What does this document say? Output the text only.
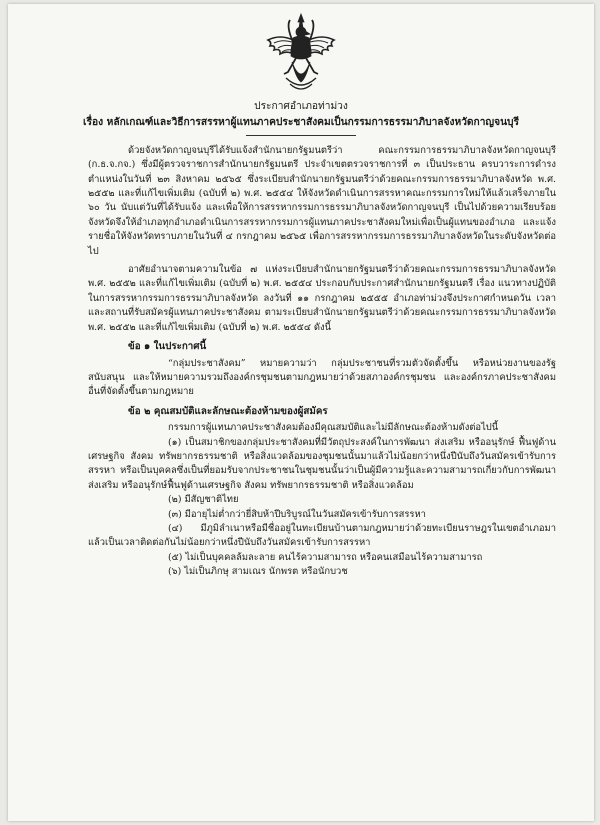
ประกาศอำเภอท่าม่วง
เรื่อง หลักเกณฑ์และวิธีการสรรหาผู้แทนภาคประชาสังคมเป็นกรรมการธรรมาภิบาลจังหวัดกาญจนบุรี

ด้วยจังหวัดกาญจนบุรีได้รับแจ้งสำนักนายกรัฐมนตรีว่า คณะกรรมการธรรมาภิบาลจังหวัดกาญจนบุรี (ก.ธ.จ.กจ.) ซึ่งมีผู้ตรวจราชการสำนักนายกรัฐมนตรี ประจำเขตตรวจราชการที่ ๓ เป็นประธาน ครบวาระการดำรงตำแหน่งในวันที่ ๒๓ สิงหาคม ๒๕๖๕ ซึ่งระเบียบสำนักนายกรัฐมนตรีว่าด้วยคณะกรรมการธรรมาภิบาลจังหวัด พ.ศ. ๒๕๕๒ และที่แก้ไขเพิ่มเติม (ฉบับที่ ๒) พ.ศ. ๒๕๕๔ ให้จังหวัดดำเนินการสรรหาคณะกรรมการใหม่ให้แล้วเสร็จภายใน ๖๐ วัน นับแต่วันที่ได้รับแจ้ง และเพื่อให้การสรรหากรรมการธรรมาภิบาลจังหวัดกาญจนบุรี เป็นไปด้วยความเรียบร้อย จังหวัดจึงให้อำเภอทุกอำเภอดำเนินการสรรหากรรมการผู้แทนภาคประชาสังคมใหม่เพื่อเป็นผู้แทนของอำเภอ และแจ้งรายชื่อให้จังหวัดทราบภายในวันที่ ๔ กรกฎาคม ๒๕๖๕ เพื่อการสรรหากรรมการธรรมาภิบาลจังหวัดในระดับจังหวัดต่อไป

อาศัยอำนาจตามความในข้อ ๗ แห่งระเบียบสำนักนายกรัฐมนตรีว่าด้วยคณะกรรมการธรรมาภิบาลจังหวัด พ.ศ. ๒๕๕๒ และที่แก้ไขเพิ่มเติม (ฉบับที่ ๒) พ.ศ. ๒๕๕๔ ประกอบกับประกาศสำนักนายกรัฐมนตรี เรื่อง แนวทางปฏิบัติในการสรรหากรรมการธรรมาภิบาลจังหวัด ลงวันที่ ๑๑ กรกฎาคม ๒๕๕๕ อำเภอท่าม่วงจึงประกาศกำหนดวัน เวลา และสถานที่รับสมัครผู้แทนภาคประชาสังคม ตามระเบียบสำนักนายกรัฐมนตรีว่าด้วยคณะกรรมการธรรมาภิบาลจังหวัด พ.ศ. ๒๕๕๒ และที่แก้ไขเพิ่มเติม (ฉบับที่ ๒) พ.ศ. ๒๕๕๔ ดังนี้

ข้อ ๑ ในประกาศนี้

“กลุ่มประชาสังคม” หมายความว่า กลุ่มประชาชนที่รวมตัวจัดตั้งขึ้น หรือหน่วยงานของรัฐสนับสนุน และให้หมายความรวมถึงองค์กรชุมชนตามกฎหมายว่าด้วยสภาองค์กรชุมชน และองค์กรภาคประชาสังคมอื่นที่จัดตั้งขึ้นตามกฎหมาย

ข้อ ๒ คุณสมบัติและลักษณะต้องห้ามของผู้สมัคร

กรรมการผู้แทนภาคประชาสังคมต้องมีคุณสมบัติและไม่มีลักษณะต้องห้ามดังต่อไปนี้

(๑) เป็นสมาชิกของกลุ่มประชาสังคมที่มีวัตถุประสงค์ในการพัฒนา ส่งเสริม หรืออนุรักษ์ ฟื้นฟูด้านเศรษฐกิจ สังคม ทรัพยากรธรรมชาติ หรือสิ่งแวดล้อมของชุมชนนั้นมาแล้วไม่น้อยกว่าหนึ่งปีนับถึงวันสมัครเข้ารับการสรรหา หรือเป็นบุคคลซึ่งเป็นที่ยอมรับจากประชาชนในชุมชนนั้นว่าเป็นผู้มีความรู้และความสามารถเกี่ยวกับการพัฒนา ส่งเสริม หรืออนุรักษ์ฟื้นฟูด้านเศรษฐกิจ สังคม ทรัพยากรธรรมชาติ หรือสิ่งแวดล้อม

(๒) มีสัญชาติไทย

(๓) มีอายุไม่ต่ำกว่ายี่สิบห้าปีบริบูรณ์ในวันสมัครเข้ารับการสรรหา

(๔) มีภูมิลำเนาหรือมีชื่ออยู่ในทะเบียนบ้านตามกฎหมายว่าด้วยทะเบียนราษฎรในเขตอำเภอมาแล้วเป็นเวลาติดต่อกันไม่น้อยกว่าหนึ่งปีนับถึงวันสมัครเข้ารับการสรรหา

(๕) ไม่เป็นบุคคลล้มละลาย คนไร้ความสามารถ หรือคนเสมือนไร้ความสามารถ

(๖) ไม่เป็นภิกษุ สามเณร นักพรต หรือนักบวช
